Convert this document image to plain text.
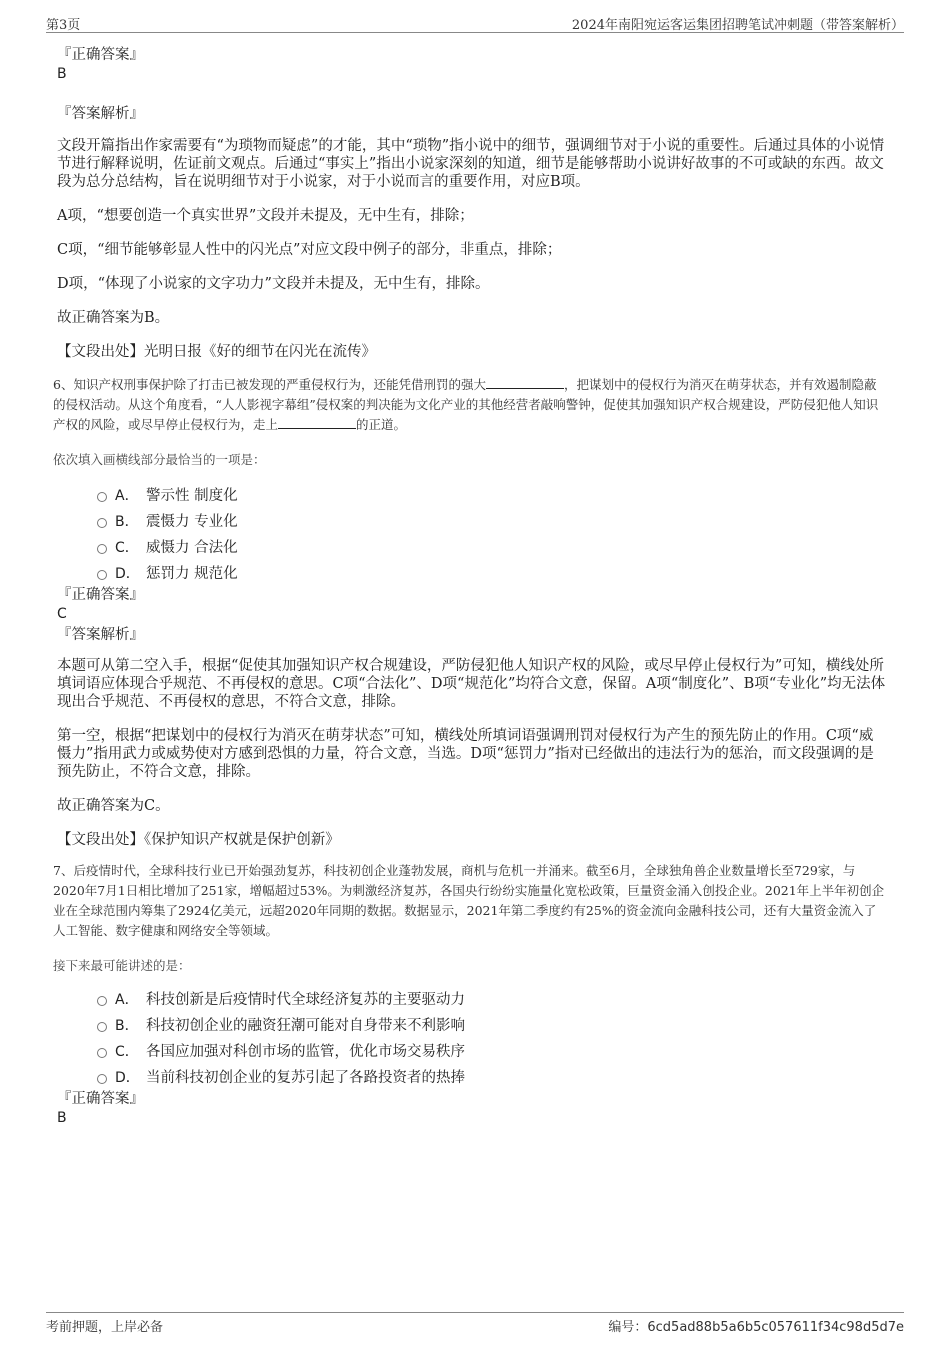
第3页	2024年南阳宛运客运集团招聘笔试冲刺题（带答案解析）
『正确答案』
B
『答案解析』

文段开篇指出作家需要有“为琐物而疑虑”的才能，其中“琐物”指小说中的细节，强调细节对于小说的重要性。后通过具体的小说情节进行解释说明，佐证前文观点。后通过“事实上”指出小说家深刻的知道，细节是能够帮助小说讲好故事的不可或缺的东西。故文段为总分总结构，旨在说明细节对于小说家，对于小说而言的重要作用，对应B项。

A项，“想要创造一个真实世界”文段并未提及，无中生有，排除；

C项，“细节能够彰显人性中的闪光点”对应文段中例子的部分，非重点，排除；

D项，“体现了小说家的文字功力”文段并未提及，无中生有，排除。

故正确答案为B。

【文段出处】光明日报《好的细节在闪光在流传》

6、知识产权刑事保护除了打击已被发现的严重侵权行为，还能凭借刑罚的强大	，把谋划中的侵权行为消灭在萌芽状态，并有效遏制隐蔽的侵权活动。从这个角度看，“人人影视字幕组”侵权案的判决能为文化产业的其他经营者敲响警钟，促使其加强知识产权合规建设，严防侵犯他人知识产权的风险，或尽早停止侵权行为，走上	的正道。

依次填入画横线部分最恰当的一项是：

A． 警示性 制度化
B． 震慑力 专业化
C． 威慑力 合法化
D． 惩罚力 规范化
『正确答案』
C
『答案解析』

本题可从第二空入手，根据“促使其加强知识产权合规建设，严防侵犯他人知识产权的风险，或尽早停止侵权行为”可知，横线处所填词语应体现合乎规范、不再侵权的意思。C项“合法化”、D项“规范化”均符合文意，保留。A项“制度化”、B项“专业化”均无法体现出合乎规范、不再侵权的意思，不符合文意，排除。

第一空，根据“把谋划中的侵权行为消灭在萌芽状态”可知，横线处所填词语强调刑罚对侵权行为产生的预先防止的作用。C项“威慑力”指用武力或威势使对方感到恐惧的力量，符合文意，当选。D项“惩罚力”指对已经做出的违法行为的惩治，而文段强调的是预先防止，不符合文意，排除。

故正确答案为C。

【文段出处】《保护知识产权就是保护创新》

7、后疫情时代，全球科技行业已开始强劲复苏，科技初创企业蓬勃发展，商机与危机一并涌来。截至6月，全球独角兽企业数量增长至729家，与2020年7月1日相比增加了251家，增幅超过53%。为刺激经济复苏，各国央行纷纷实施量化宽松政策，巨量资金涌入创投企业。2021年上半年初创企业在全球范围内筹集了2924亿美元，远超2020年同期的数据。数据显示，2021年第二季度约有25%的资金流向金融科技公司，还有大量资金流入了人工智能、数字健康和网络安全等领域。

接下来最可能讲述的是：

A． 科技创新是后疫情时代全球经济复苏的主要驱动力
B． 科技初创企业的融资狂潮可能对自身带来不利影响
C． 各国应加强对科创市场的监管，优化市场交易秩序
D． 当前科技初创企业的复苏引起了各路投资者的热捧
『正确答案』
B
考前押题，上岸必备	编号：6cd5ad88b5a6b5c057611f34c98d5d7e
